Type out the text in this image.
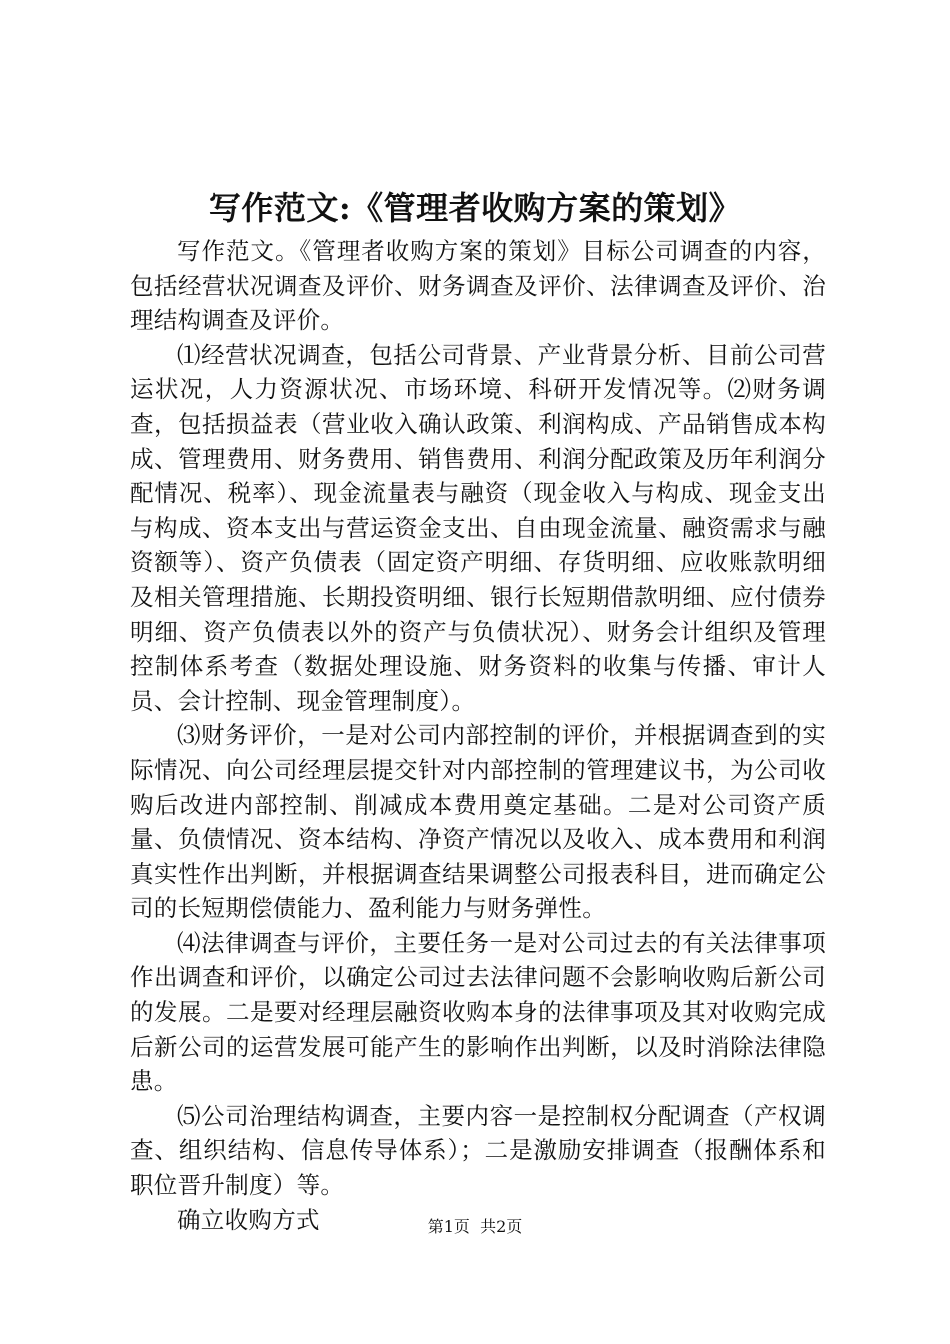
写作范文:《管理者收购方案的策划》

写作范文。《管理者收购方案的策划》目标公司调查的内容，包括经营状况调查及评价、财务调查及评价、法律调查及评价、治理结构调查及评价。

⑴经营状况调查，包括公司背景、产业背景分析、目前公司营运状况，人力资源状况、市场环境、科研开发情况等。⑵财务调查，包括损益表（营业收入确认政策、利润构成、产品销售成本构成、管理费用、财务费用、销售费用、利润分配政策及历年利润分配情况、税率）、现金流量表与融资（现金收入与构成、现金支出与构成、资本支出与营运资金支出、自由现金流量、融资需求与融资额等）、资产负债表（固定资产明细、存货明细、应收账款明细及相关管理措施、长期投资明细、银行长短期借款明细、应付债券明细、资产负债表以外的资产与负债状况）、财务会计组织及管理控制体系考查（数据处理设施、财务资料的收集与传播、审计人员、会计控制、现金管理制度）。

⑶财务评价，一是对公司内部控制的评价，并根据调查到的实际情况、向公司经理层提交针对内部控制的管理建议书，为公司收购后改进内部控制、削减成本费用奠定基础。二是对公司资产质量、负债情况、资本结构、净资产情况以及收入、成本费用和利润真实性作出判断，并根据调查结果调整公司报表科目，进而确定公司的长短期偿债能力、盈利能力与财务弹性。

⑷法律调查与评价，主要任务一是对公司过去的有关法律事项作出调查和评价，以确定公司过去法律问题不会影响收购后新公司的发展。二是要对经理层融资收购本身的法律事项及其对收购完成后新公司的运营发展可能产生的影响作出判断，以及时消除法律隐患。

⑸公司治理结构调查，主要内容一是控制权分配调查（产权调查、组织结构、信息传导体系）；二是激励安排调查（报酬体系和职位晋升制度）等。

确立收购方式	第1页  共2页
